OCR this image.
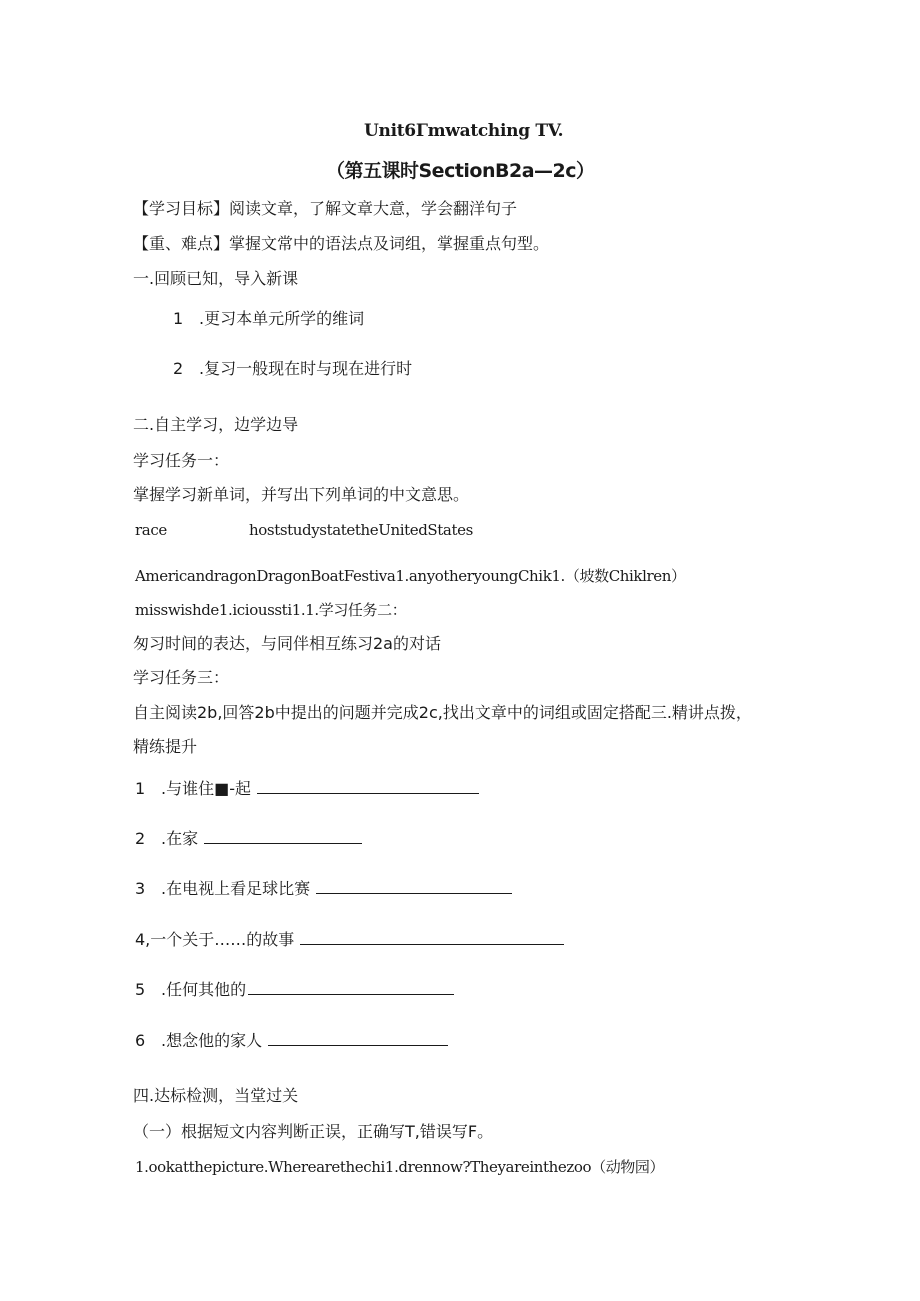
Unit6Γmwatching TV.
（第五课时SectionB2a—2c）
【学习目标】阅读文章，了解文章大意，学会翻洋句子
【重、难点】掌握文常中的语法点及词组，掌握重点句型。
一.回顾已知，导入新课
1 .更习本单元所学的维词
2 .复习一般现在时与现在进行时
二.自主学习，边学边导
学习任务一：
掌握学习新单词，并写出下列单词的中文意思。
race	hoststudystatetheUnitedStates
AmericandragonDragonBoatFestiva1.anyotheryoungChik1.（坡数Chiklren）
misswishde1.icioussti1.1.学习任务二：
匆习时间的表达，与同伴相互练习2a的对话
学习任务三：
自主阅读2b,回答2b中提出的问题并完成2c,找出文章中的词组或固定搭配三.精讲点拨，
精练提升
1 .与谁住■-起
2 .在家
3 .在电视上看足球比赛
4,一个关于……的故事
5 .任何其他的
6 .想念他的家人
四.达标检测，当堂过关
（一）根据短文内容判断正误，正确写T,错误写F。
1.ookatthepicture.Wherearethechi1.drennow?Theyareinthezoo（动物园）
